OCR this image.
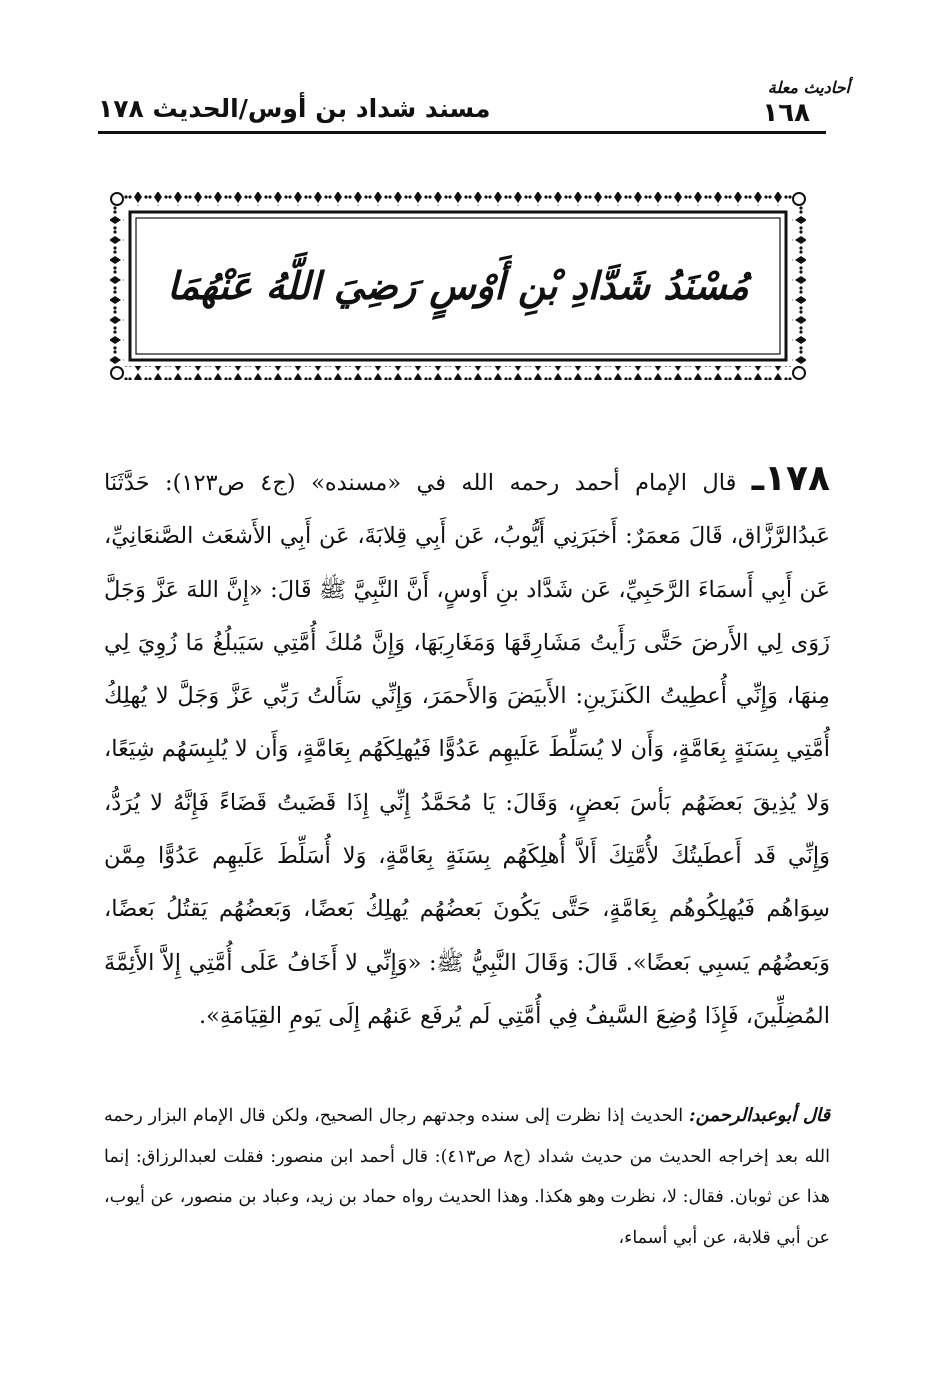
مسند شداد بن أوس/الحديث ١٧٨
أحاديث معلة
١٦٨
مُسْنَدُ شَدَّادِ بْنِ أَوْسٍ رَضِيَ اللَّهُ عَنْهُمَا
١٧٨ـ قال الإمام أحمد رحمه الله في «مسنده» (ج٤ ص١٢٣): حَدَّثَنَا عَبدُالرَّزَّاق، قَالَ مَعمَرٌ: أَخبَرَنِي أَيُّوبُ، عَن أَبِي قِلابَةَ، عَن أَبِي الأَشعَث الصَّنعَانِيِّ، عَن أَبِي أَسمَاءَ الرَّحَبِيِّ، عَن شَدَّاد بنِ أَوسٍ، أَنَّ النَّبِيَّ ﷺ قَالَ: «إِنَّ اللهَ عَزَّ وَجَلَّ زَوَى لِي الأَرضَ حَتَّى رَأَيتُ مَشَارِقَهَا وَمَغَارِبَهَا، وَإِنَّ مُلكَ أُمَّتِي سَيَبلُغُ مَا زُوِيَ لِي مِنهَا، وَإِنِّي أُعطِيتُ الكَنزَينِ: الأَبيَضَ وَالأَحمَرَ، وَإِنِّي سَأَلتُ رَبِّي عَزَّ وَجَلَّ لا يُهلِكُ أُمَّتِي بِسَنَةٍ بِعَامَّةٍ، وَأَن لا يُسَلِّطَ عَلَيهِم عَدُوًّا فَيُهلِكَهُم بِعَامَّةٍ، وَأَن لا يُلبِسَهُم شِيَعًا، وَلا يُذِيقَ بَعضَهُم بَأسَ بَعضٍ، وَقَالَ: يَا مُحَمَّدُ إِنِّي إِذَا قَضَيتُ قَضَاءً فَإِنَّهُ لا يُرَدُّ، وَإِنِّي قَد أَعطَيتُكَ لأُمَّتِكَ أَلاَّ أُهلِكَهُم بِسَنَةٍ بِعَامَّةٍ، وَلا أُسَلِّطَ عَلَيهِم عَدُوًّا مِمَّن سِوَاهُم فَيُهلِكُوهُم بِعَامَّةٍ، حَتَّى يَكُونَ بَعضُهُم يُهلِكُ بَعضًا، وَبَعضُهُم يَقتُلُ بَعضًا، وَبَعضُهُم يَسبِي بَعضًا». قَالَ: وَقَالَ النَّبِيُّ ﷺ: «وَإِنِّي لا أَخَافُ عَلَى أُمَّتِي إِلاَّ الأَئِمَّةَ المُضِلِّينَ، فَإِذَا وُضِعَ السَّيفُ فِي أُمَّتِي لَم يُرفَع عَنهُم إِلَى يَومِ القِيَامَةِ».
قال أبوعبدالرحمن: الحديث إذا نظرت إلى سنده وجدتهم رجال الصحيح، ولكن قال الإمام البزار رحمه الله بعد إخراجه الحديث من حديث شداد (ج٨ ص٤١٣): قال أحمد ابن منصور: فقلت لعبدالرزاق: إنما هذا عن ثوبان. فقال: لا، نظرت وهو هكذا. وهذا الحديث رواه حماد بن زيد، وعباد بن منصور، عن أيوب، عن أبي قلابة، عن أبي أسماء،
